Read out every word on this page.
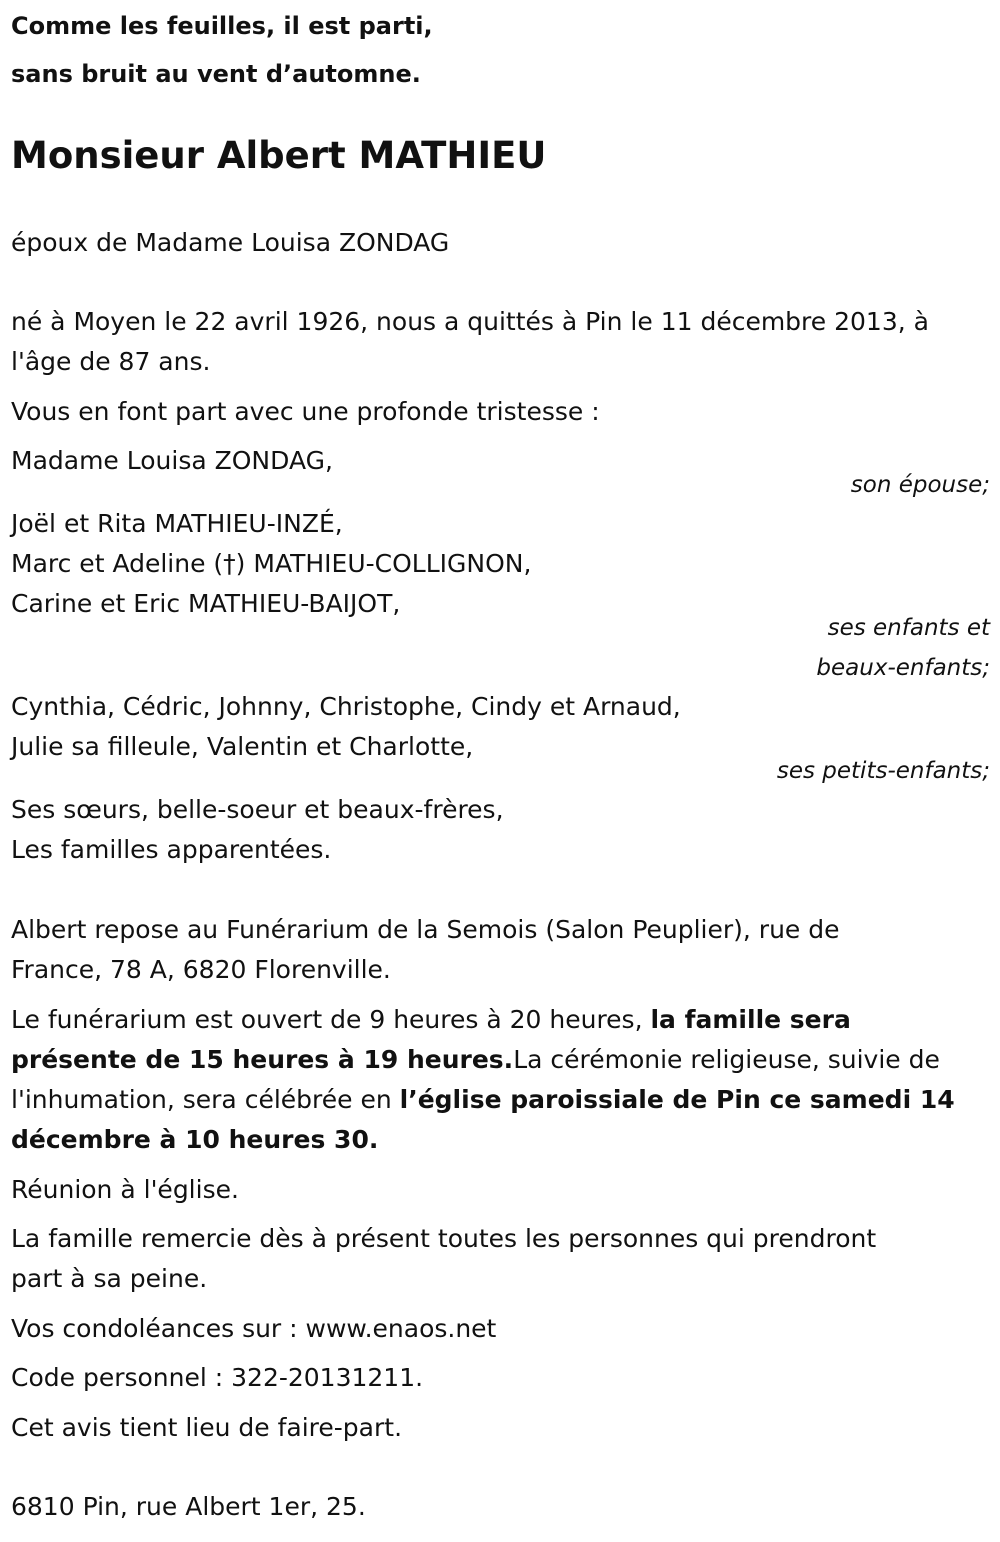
Comme les feuilles, il est parti,

sans bruit au vent d’automne.

Monsieur Albert MATHIEU

époux de Madame Louisa ZONDAG

né à Moyen le 22 avril 1926, nous a quittés à Pin le 11 décembre 2013, à

l'âge de 87 ans.

Vous en font part avec une profonde tristesse :

Madame Louisa ZONDAG,

son épouse;

Joël et Rita MATHIEU-INZÉ,

Marc et Adeline (†) MATHIEU-COLLIGNON,

Carine et Eric MATHIEU-BAIJOT,

ses enfants et

beaux-enfants;

Cynthia, Cédric, Johnny, Christophe, Cindy et Arnaud,

Julie sa filleule, Valentin et Charlotte,

ses petits-enfants;

Ses sœurs, belle-soeur et beaux-frères,

Les familles apparentées.

Albert repose au Funérarium de la Semois (Salon Peuplier), rue de

France, 78 A, 6820 Florenville.

Le funérarium est ouvert de 9 heures à 20 heures, la famille sera

présente de 15 heures à 19 heures.La cérémonie religieuse, suivie de

l'inhumation, sera célébrée en l’église paroissiale de Pin ce samedi 14

décembre à 10 heures 30.

Réunion à l'église.

La famille remercie dès à présent toutes les personnes qui prendront

part à sa peine.

Vos condoléances sur : www.enaos.net

Code personnel : 322-20131211.

Cet avis tient lieu de faire-part.

6810 Pin, rue Albert 1er, 25.
